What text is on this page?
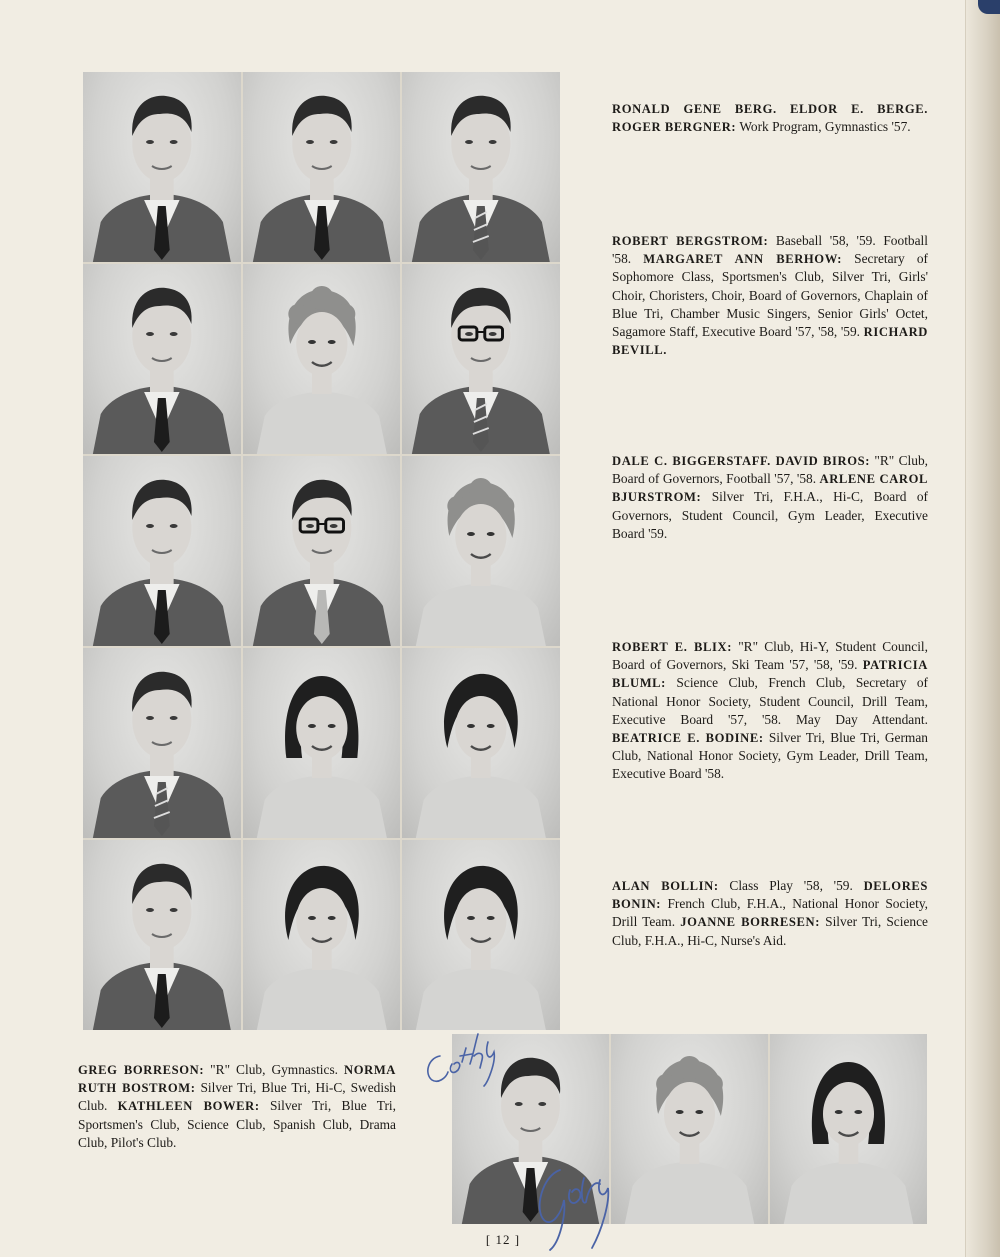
RONALD GENE BERG. ELDOR E. BERGE. ROGER BERGNER: Work Program, Gymnastics '57.
ROBERT BERGSTROM: Baseball '58, '59. Football '58. MARGARET ANN BERHOW: Secretary of Sophomore Class, Sportsmen's Club, Silver Tri, Girls' Choir, Choristers, Choir, Board of Governors, Chaplain of Blue Tri, Chamber Music Singers, Senior Girls' Octet, Sagamore Staff, Executive Board '57, '58, '59. RICHARD BEVILL.
DALE C. BIGGERSTAFF. DAVID BIROS: "R" Club, Board of Governors, Football '57, '58. ARLENE CAROL BJURSTROM: Silver Tri, F.H.A., Hi-C, Board of Governors, Student Council, Gym Leader, Executive Board '59.
ROBERT E. BLIX: "R" Club, Hi-Y, Student Council, Board of Governors, Ski Team '57, '58, '59. PATRICIA BLUML: Science Club, French Club, Secretary of National Honor Society, Student Council, Drill Team, Executive Board '57, '58. May Day Attendant. BEATRICE E. BODINE: Silver Tri, Blue Tri, German Club, National Honor Society, Gym Leader, Drill Team, Executive Board '58.
ALAN BOLLIN: Class Play '58, '59. DELORES BONIN: French Club, F.H.A., National Honor Society, Drill Team. JOANNE BORRESEN: Silver Tri, Science Club, F.H.A., Hi-C, Nurse's Aid.
GREG BORRESON: "R" Club, Gymnastics. NORMA RUTH BOSTROM: Silver Tri, Blue Tri, Hi-C, Swedish Club. KATHLEEN BOWER: Silver Tri, Blue Tri, Sportsmen's Club, Science Club, Spanish Club, Drama Club, Pilot's Club.
[ 12 ]
